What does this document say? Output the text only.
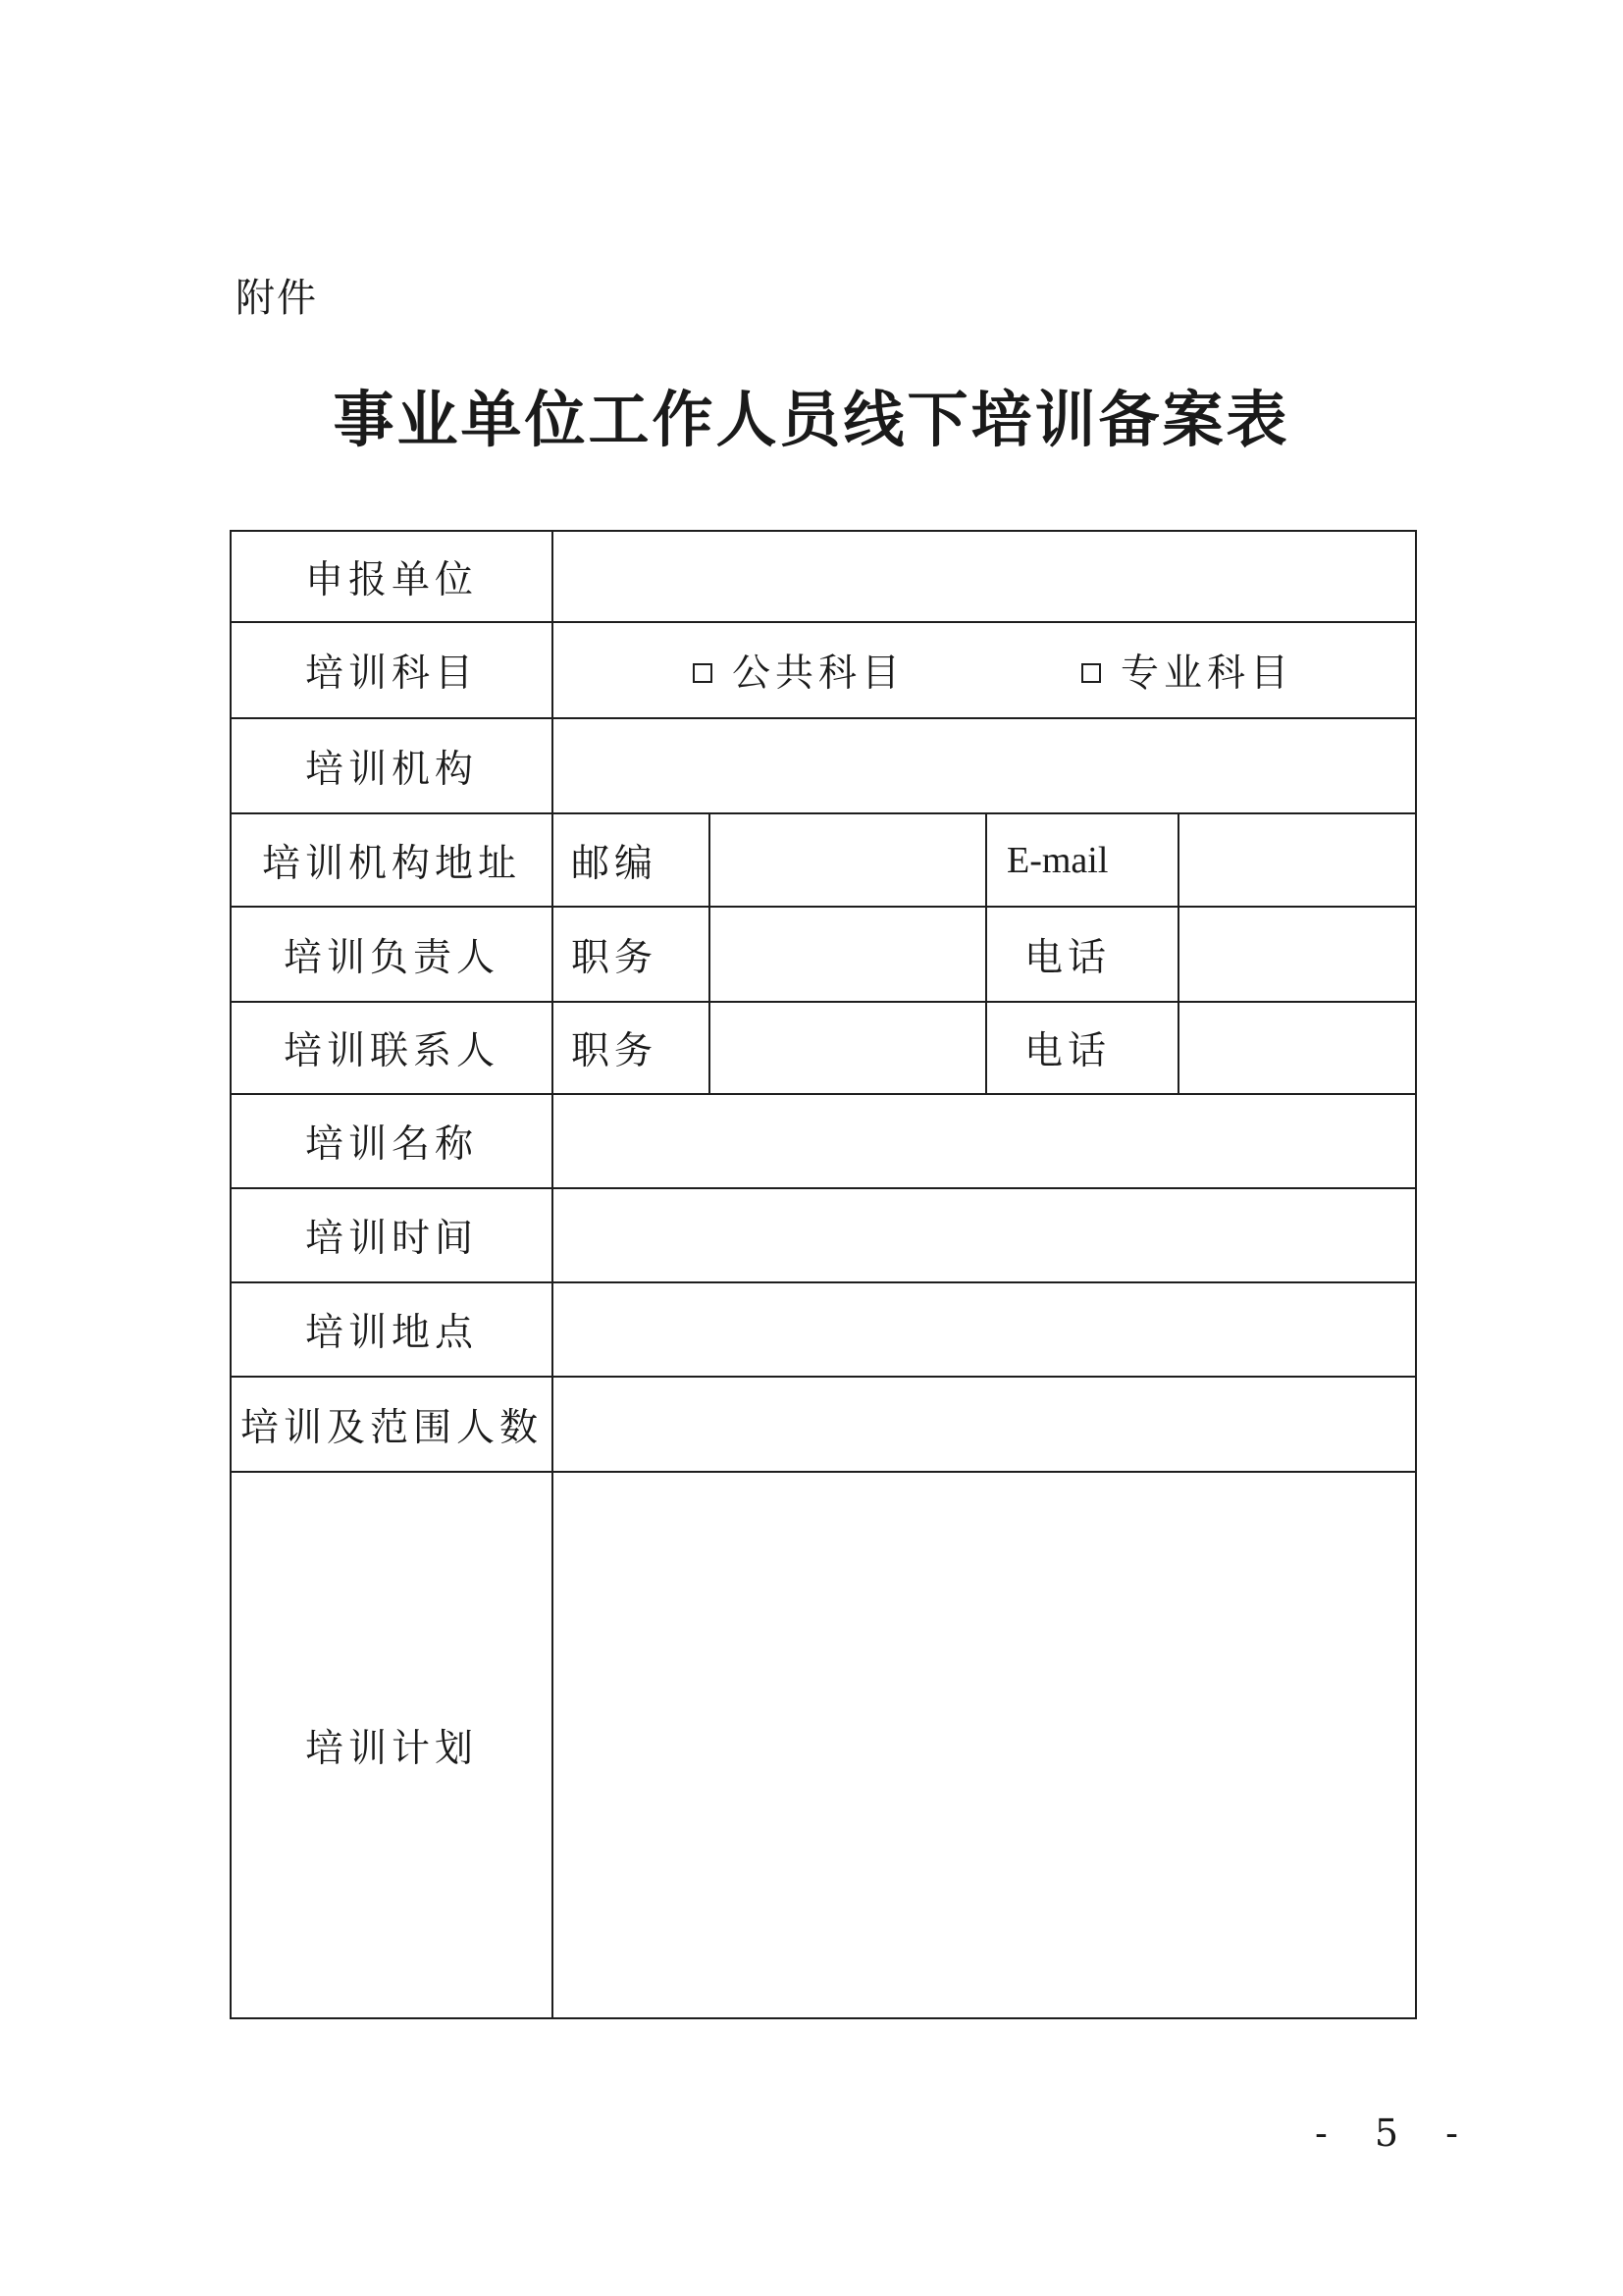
附件
事业单位工作人员线下培训备案表
申报单位				
培训科目	公共科目 专业科目			

培训机构				
培训机构地址	邮编		E-mail	
培训负责人	职务		电话	
培训联系人	职务		电话	
培训名称				
培训时间				
培训地点				
培训及范围人数				
培训计划				
- 5 -
